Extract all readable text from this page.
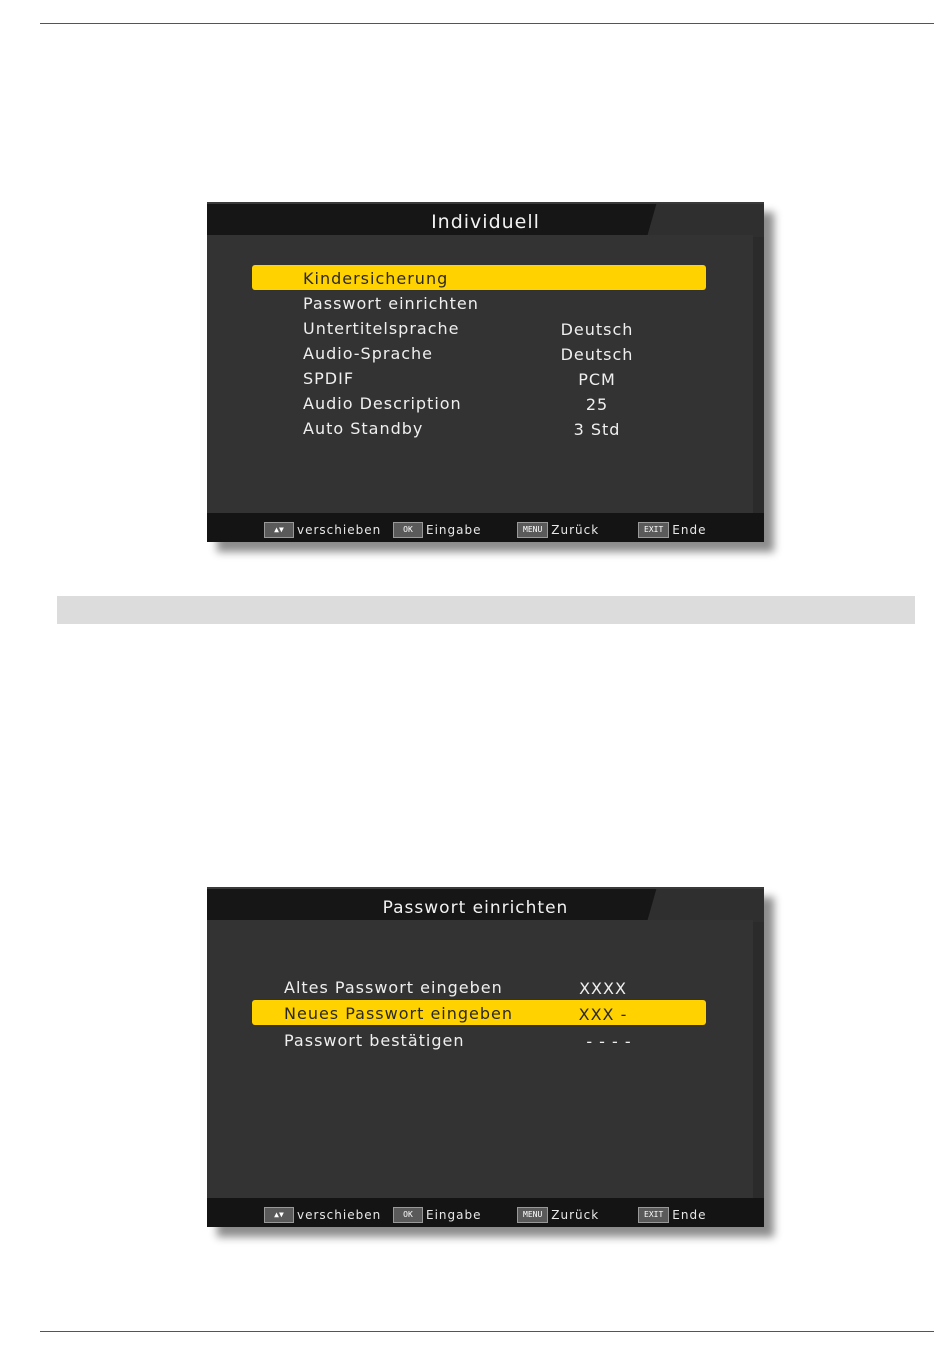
Individuell
Kindersicherung
Passwort einrichten
Untertitelsprache	Deutsch
Audio-Sprache	Deutsch
SPDIF	PCM
Audio Description	25
Auto Standby	3 Std
▲▼	verschieben	OK	Eingabe	MENU Zurück	EXIT Ende
Passwort einrichten
Altes Passwort eingeben	XXXX
Neues Passwort eingeben	XXX -
Passwort bestätigen	- - - -
▲▼	verschieben	OK	Eingabe	MENU Zurück	EXIT Ende
